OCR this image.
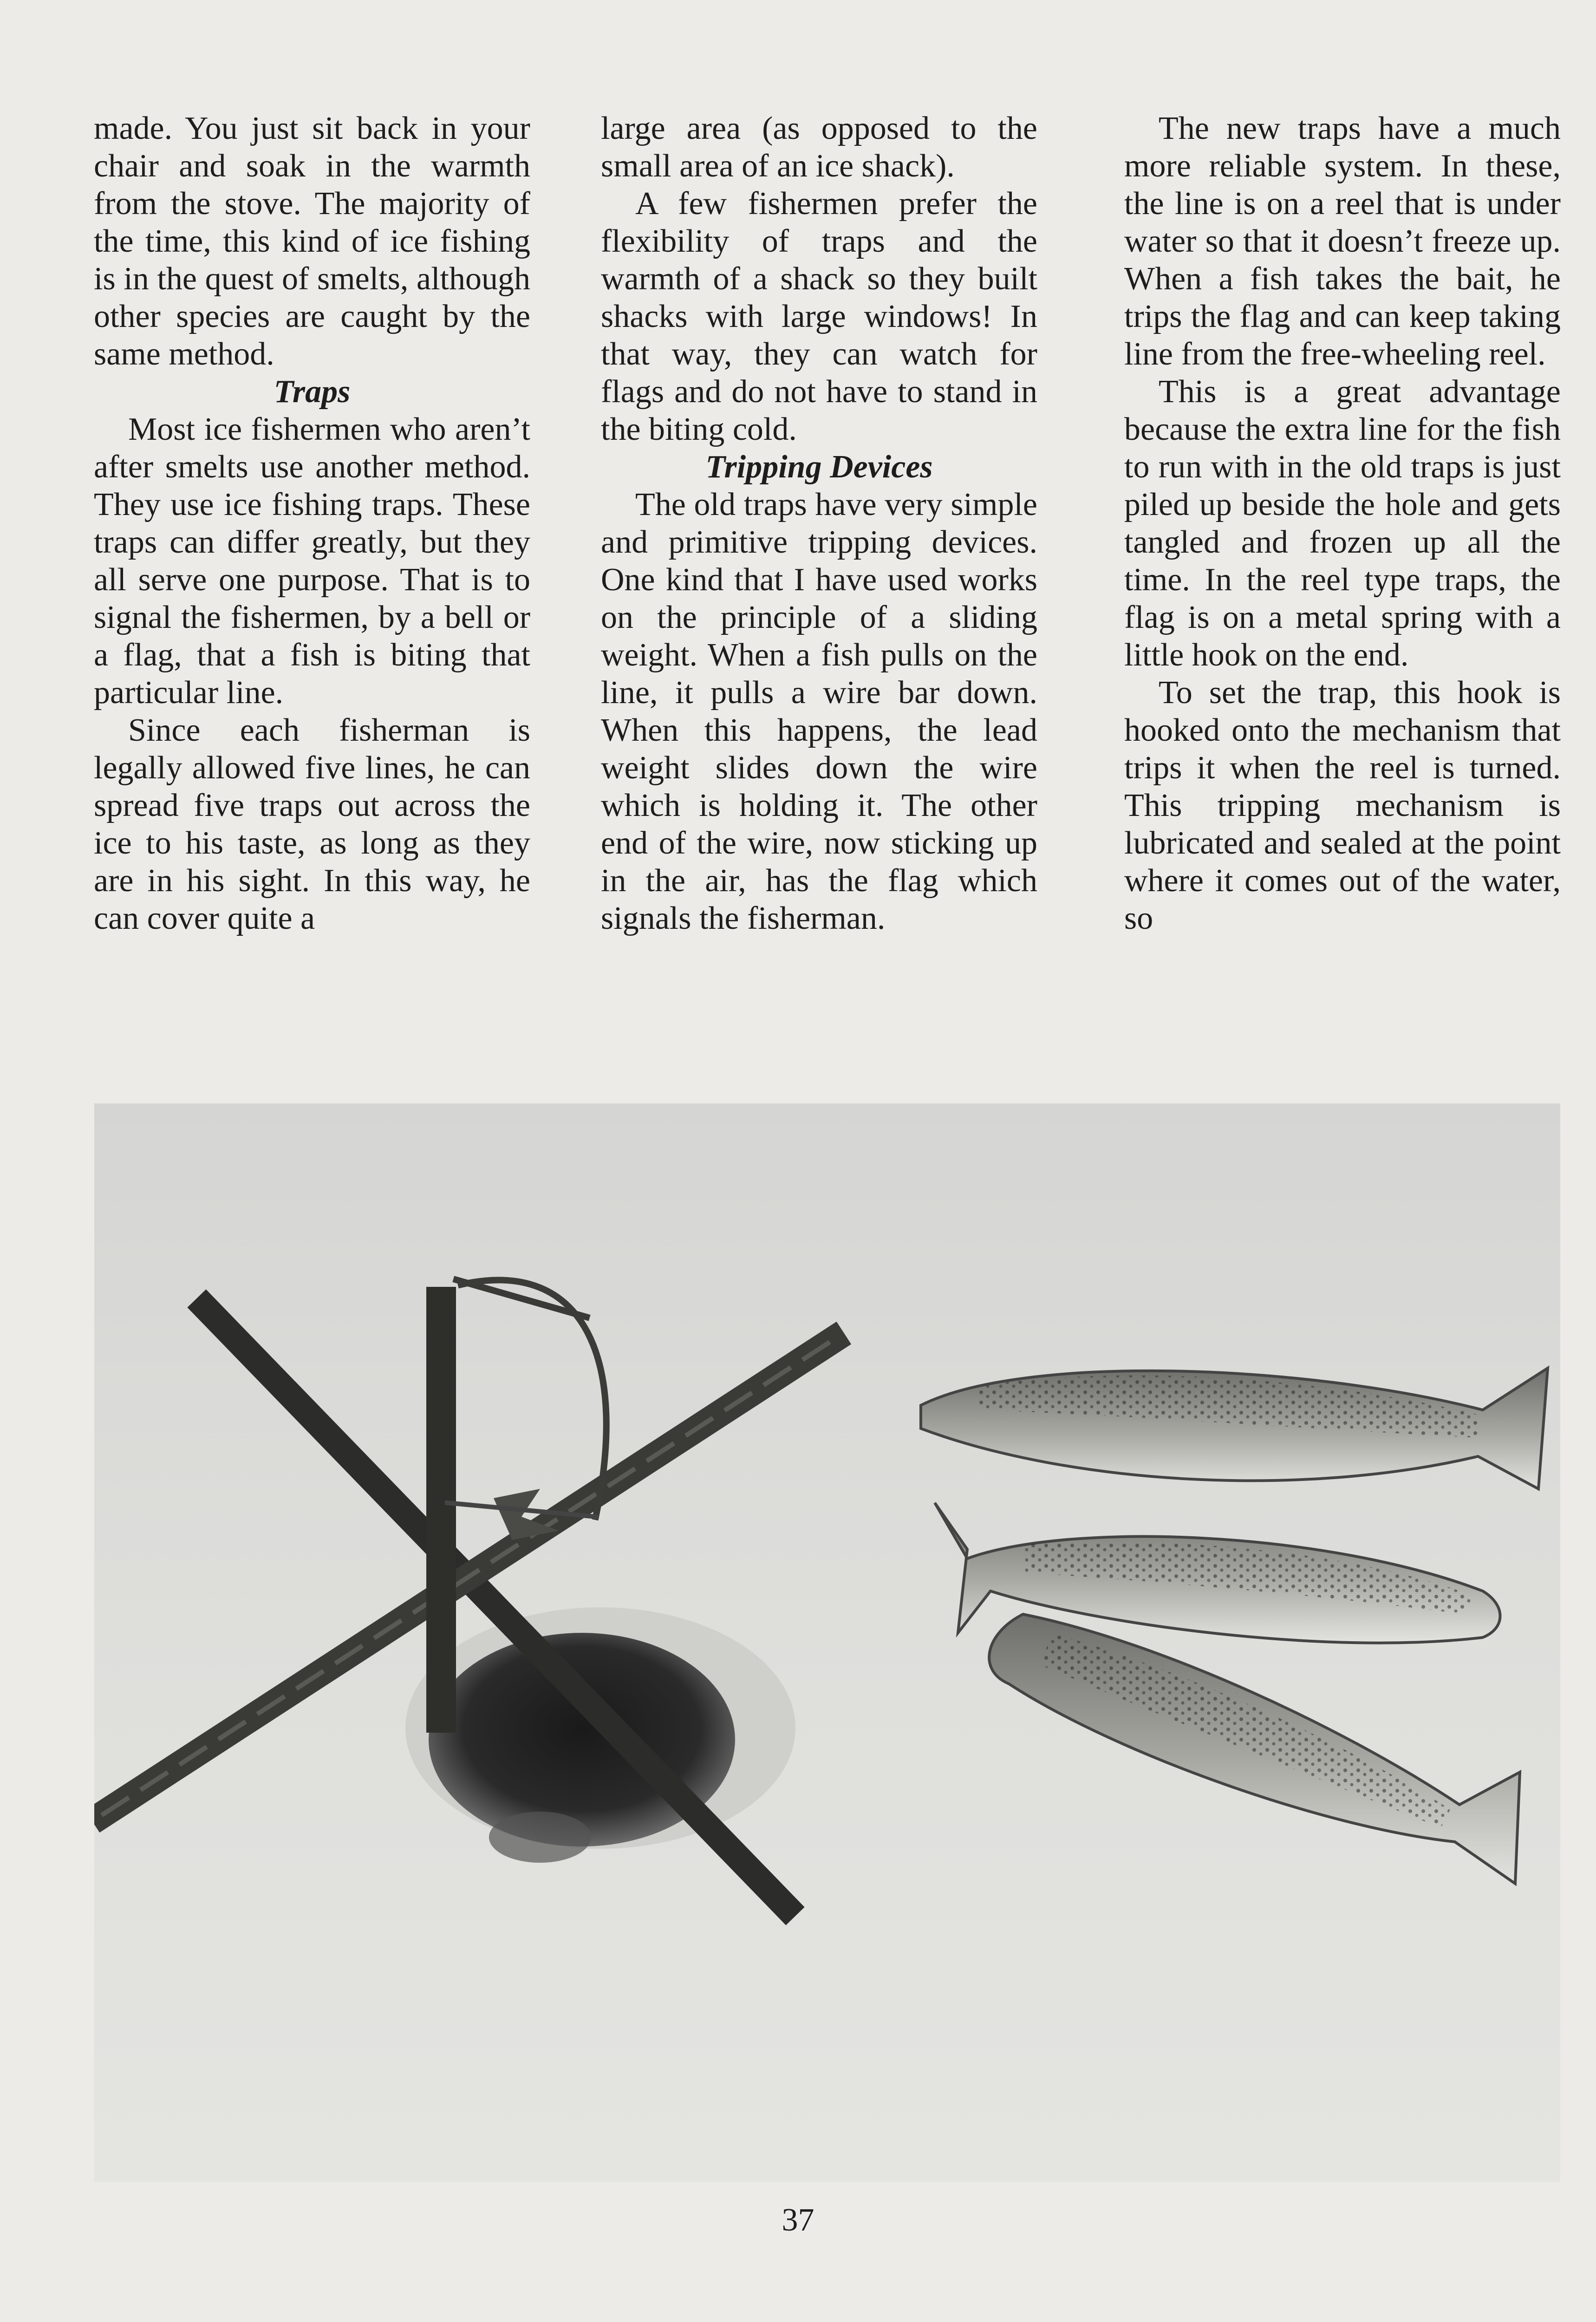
made. You just sit back in your chair and soak in the warmth from the stove. The majority of the time, this kind of ice fishing is in the quest of smelts, although other species are caught by the same method.

Traps

Most ice fishermen who aren’t after smelts use another method. They use ice fishing traps. These traps can differ greatly, but they all serve one purpose. That is to signal the fishermen, by a bell or a flag, that a fish is biting that particular line.

Since each fisherman is legally allowed five lines, he can spread five traps out across the ice to his taste, as long as they are in his sight. In this way, he can cover quite a

large area (as opposed to the small area of an ice shack).

A few fishermen prefer the flexibility of traps and the warmth of a shack so they built shacks with large windows! In that way, they can watch for flags and do not have to stand in the biting cold.

Tripping Devices

The old traps have very simple and primitive tripping devices. One kind that I have used works on the principle of a sliding weight. When a fish pulls on the line, it pulls a wire bar down. When this happens, the lead weight slides down the wire which is holding it. The other end of the wire, now sticking up in the air, has the flag which signals the fisherman.

The new traps have a much more reliable system. In these, the line is on a reel that is under water so that it doesn’t freeze up. When a fish takes the bait, he trips the flag and can keep taking line from the free-wheeling reel.

This is a great advantage because the extra line for the fish to run with in the old traps is just piled up beside the hole and gets tangled and frozen up all the time. In the reel type traps, the flag is on a metal spring with a little hook on the end.

To set the trap, this hook is hooked onto the mechanism that trips it when the reel is turned. This tripping mechanism is lubricated and sealed at the point where it comes out of the water, so

37
